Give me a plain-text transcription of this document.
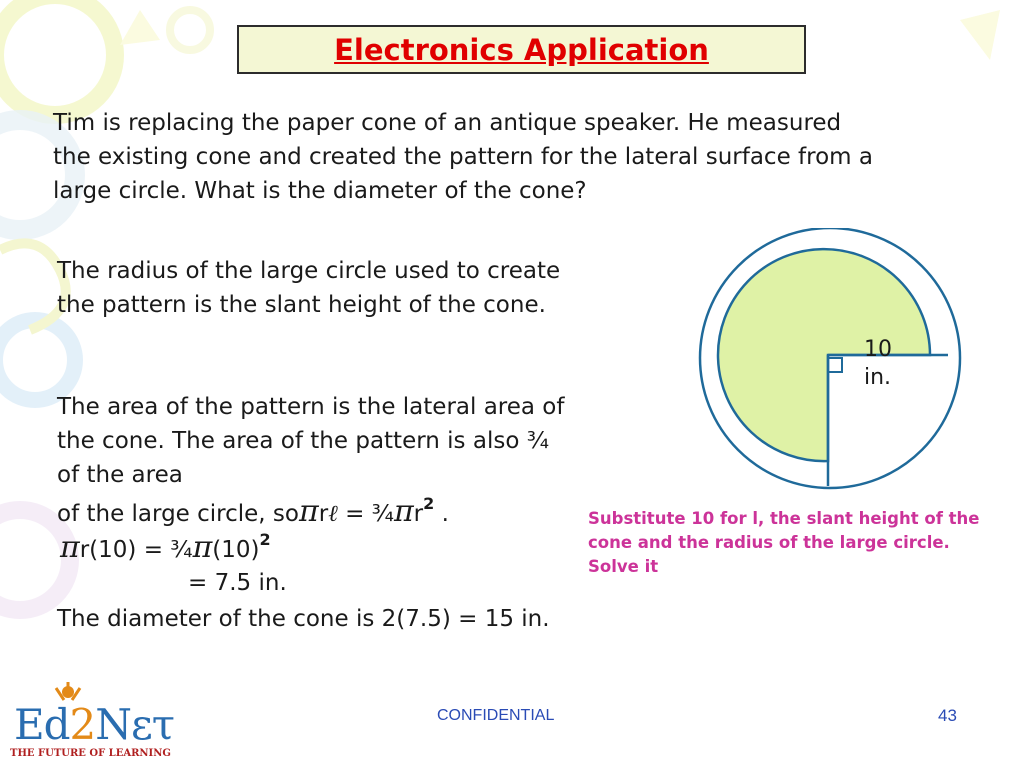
Electronics Application
Tim is replacing the paper cone of an antique speaker. He measured the existing cone and created the pattern for the lateral surface from a large circle. What is the diameter of the cone?
The radius of the large circle used to create the pattern is the slant height of the cone.
The area of the pattern is the lateral area of the cone. The area of the pattern is also ¾ of the area
of the large circle, soπrℓ = $\frac{3}{4}\pi r^2$ .
$\pi r(10) = \frac{3}{4}\pi(10)^2$
= 7.5 in.
The diameter of the cone is 2(7.5) = 15 in.
Substitute 10 for l, the slant height of the cone and the radius of the large circle.
Solve it
10
in.
Ed2Nετ
THE FUTURE OF LEARNING
CONFIDENTIAL	43
